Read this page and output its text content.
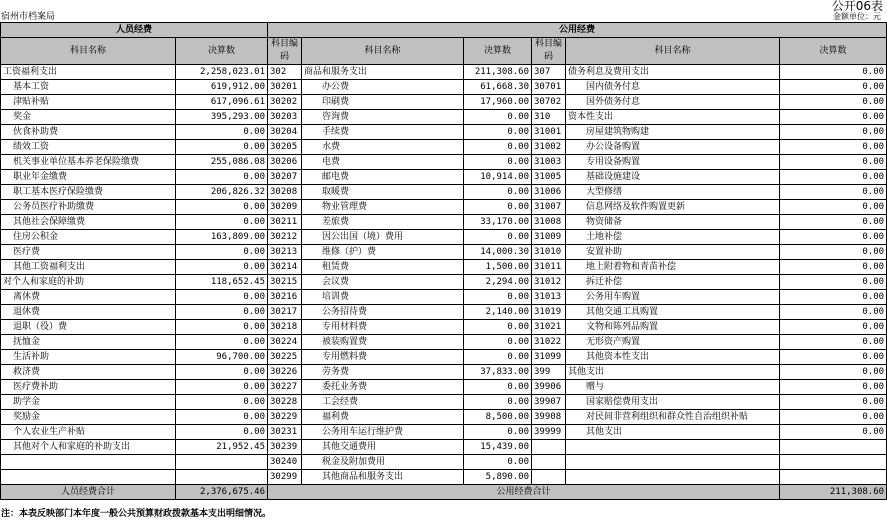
公开06表
宿州市档案局	金额单位：元
人员经费		公用经费					
科目名称	决算数	科目编码	科目名称	决算数	科目编码	科目名称	决算数
工资福利支出	2,258,023.01	302	商品和服务支出	211,308.60	307	债务利息及费用支出	0.00
基本工资	619,912.00	30201	办公费	61,668.30	30701	国内债务付息	0.00
津贴补贴	617,096.61	30202	印刷费	17,960.00	30702	国外债务付息	0.00
奖金	395,293.00	30203	咨询费	0.00	310	资本性支出	0.00
伙食补助费	0.00	30204	手续费	0.00	31001	房屋建筑物购建	0.00
绩效工资	0.00	30205	水费	0.00	31002	办公设备购置	0.00
机关事业单位基本养老保险缴费	255,086.08	30206	电费	0.00	31003	专用设备购置	0.00
职业年金缴费	0.00	30207	邮电费	10,914.00	31005	基础设施建设	0.00
职工基本医疗保险缴费	206,826.32	30208	取暖费	0.00	31006	大型修缮	0.00
公务员医疗补助缴费	0.00	30209	物业管理费	0.00	31007	信息网络及软件购置更新	0.00
其他社会保障缴费	0.00	30211	差旅费	33,170.00	31008	物资储备	0.00
住房公积金	163,809.00	30212	因公出国（境）费用	0.00	31009	土地补偿	0.00
医疗费	0.00	30213	维修（护）费	14,000.30	31010	安置补助	0.00
其他工资福利支出	0.00	30214	租赁费	1,500.00	31011	地上附着物和青苗补偿	0.00
对个人和家庭的补助	118,652.45	30215	会议费	2,294.00	31012	拆迁补偿	0.00
离休费	0.00	30216	培训费	0.00	31013	公务用车购置	0.00
退休费	0.00	30217	公务招待费	2,140.00	31019	其他交通工具购置	0.00
退职（役）费	0.00	30218	专用材料费	0.00	31021	文物和陈列品购置	0.00
抚恤金	0.00	30224	被装购置费	0.00	31022	无形资产购置	0.00
生活补助	96,700.00	30225	专用燃料费	0.00	31099	其他资本性支出	0.00
救济费	0.00	30226	劳务费	37,833.00	399	其他支出	0.00
医疗费补助	0.00	30227	委托业务费	0.00	39906	赠与	0.00
助学金	0.00	30228	工会经费	0.00	39907	国家赔偿费用支出	0.00
奖励金	0.00	30229	福利费	8,500.00	39908	对民间非营利组织和群众性自治组织补贴	0.00
个人农业生产补贴	0.00	30231	公务用车运行维护费	0.00	39999	其他支出	0.00
其他对个人和家庭的补助支出	21,952.45	30239	其他交通费用	15,439.00			
		30240	税金及附加费用	0.00			
		30299	其他商品和服务支出	5,890.00			
人员经费合计	2,376,675.46	公用经费合计					211,308.60
注：本表反映部门本年度一般公共预算财政拨款基本支出明细情况。
